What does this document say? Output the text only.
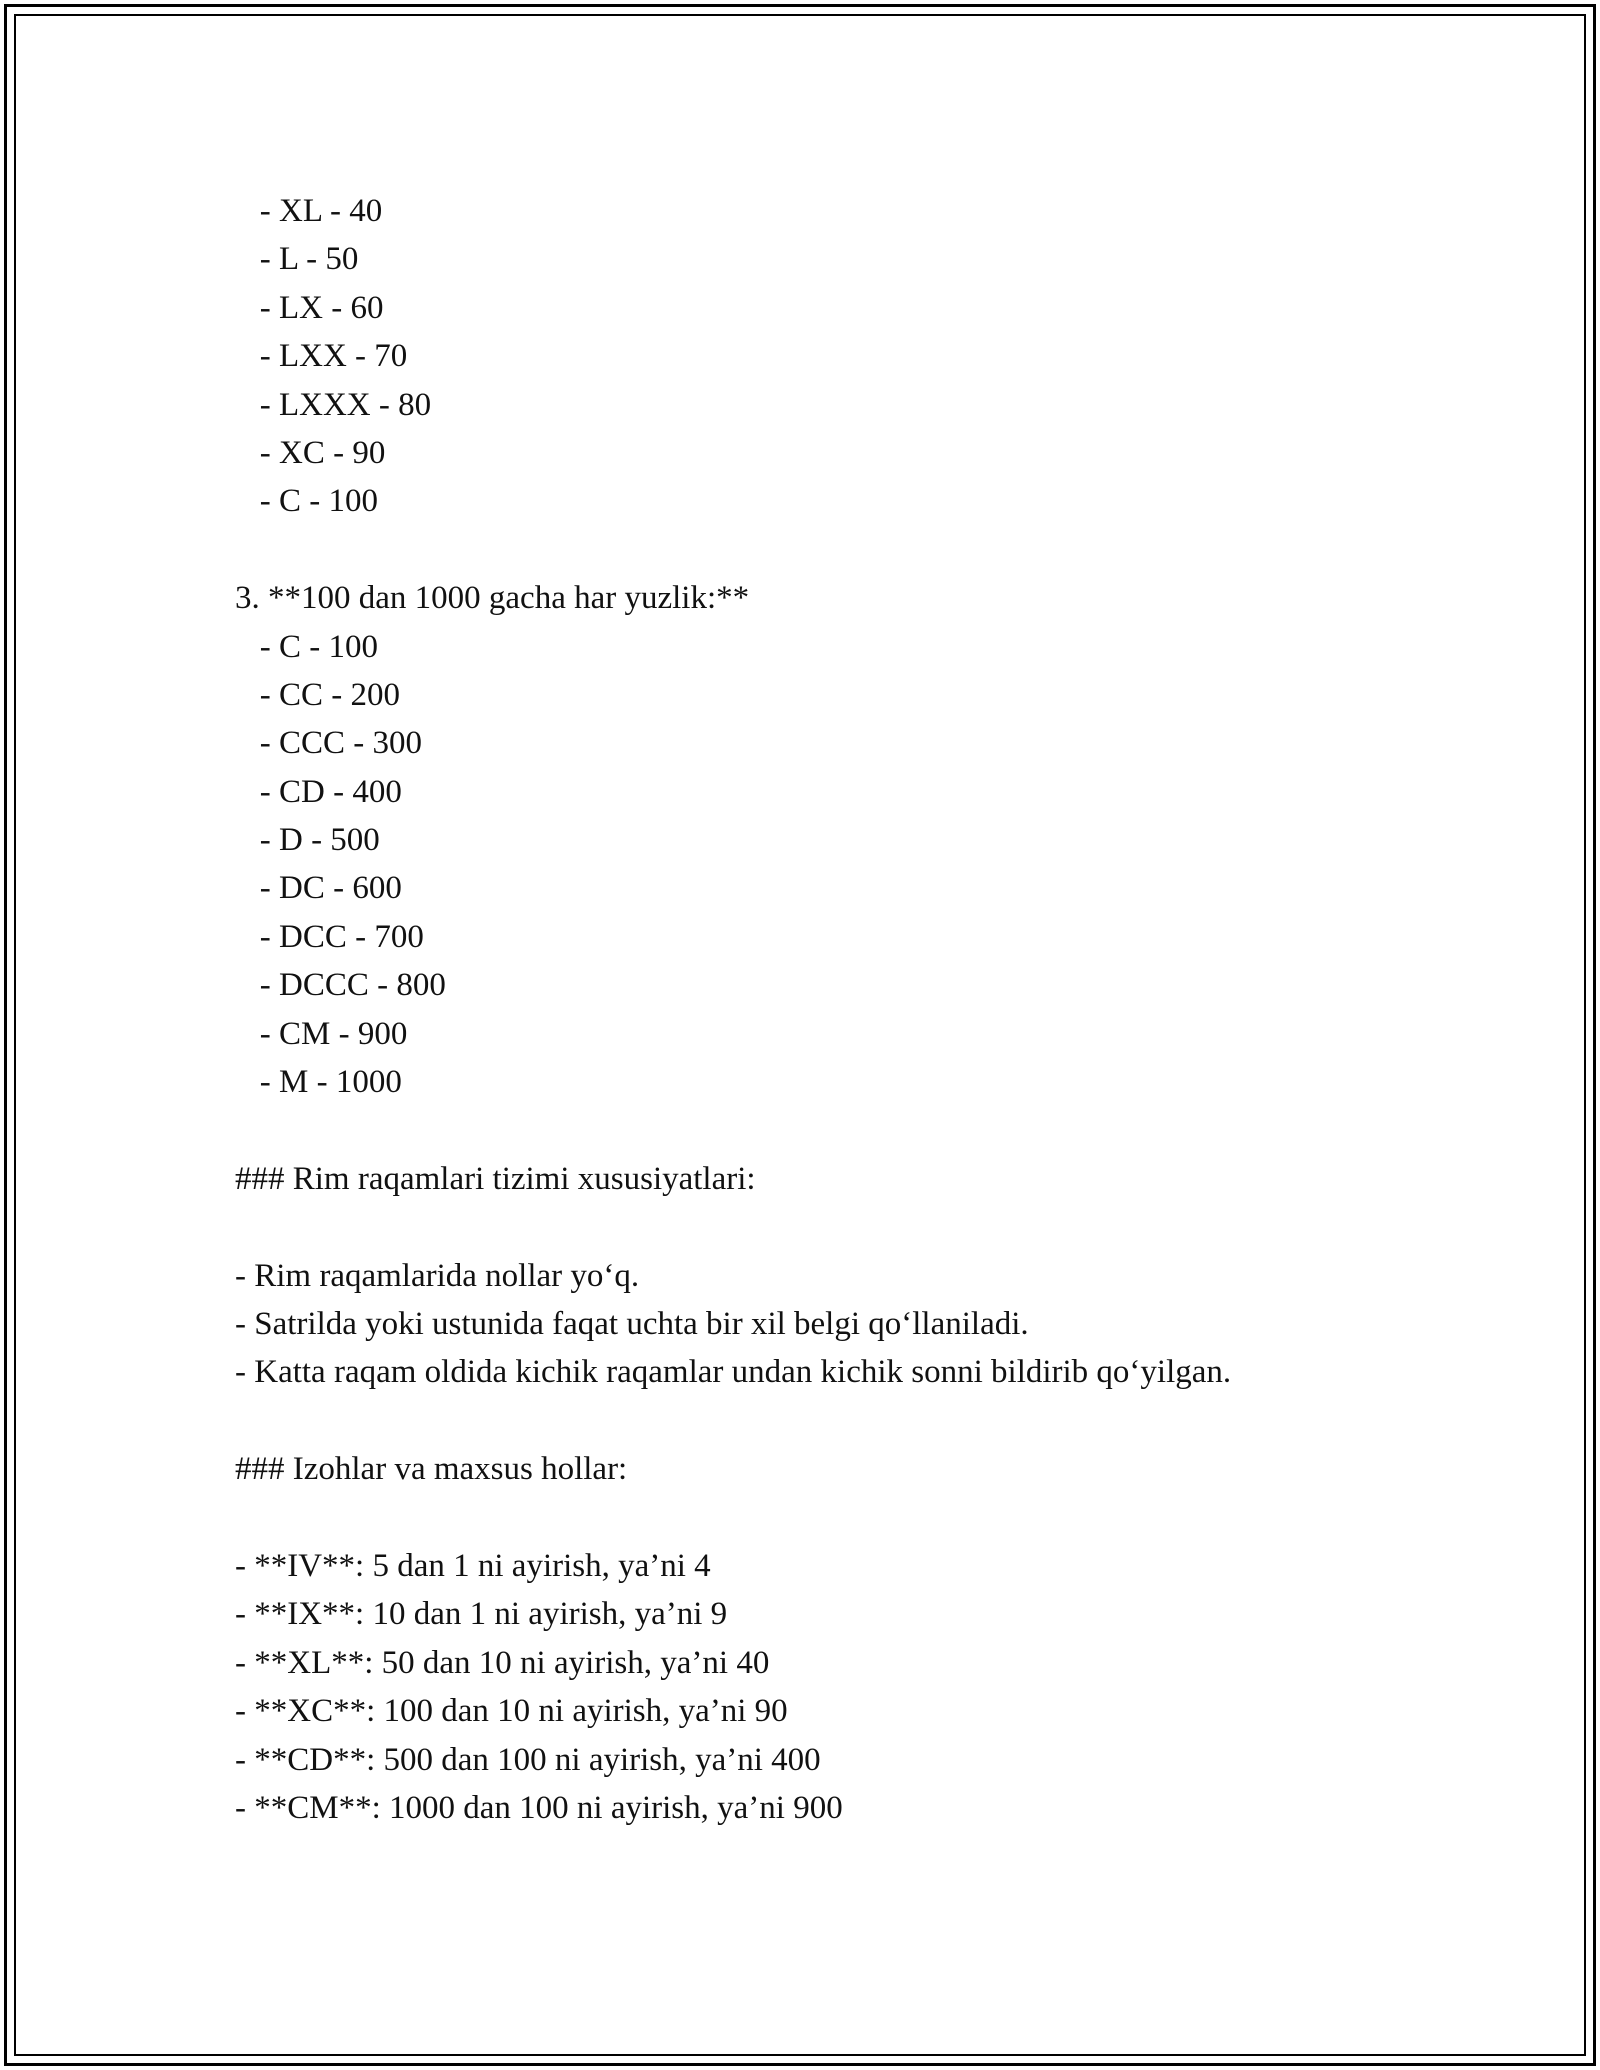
- XL - 40
- L - 50
- LX - 60
- LXX - 70
- LXXX - 80
- XC - 90
- C - 100
3. **100 dan 1000 gacha har yuzlik:**
- C - 100
- CC - 200
- CCC - 300
- CD - 400
- D - 500
- DC - 600
- DCC - 700
- DCCC - 800
- CM - 900
- M - 1000
### Rim raqamlari tizimi xususiyatlari:
- Rim raqamlarida nollar yo‘q.
- Satrilda yoki ustunida faqat uchta bir xil belgi qo‘llaniladi.
- Katta raqam oldida kichik raqamlar undan kichik sonni bildirib qo‘yilgan.
### Izohlar va maxsus hollar:
- **IV**: 5 dan 1 ni ayirish, ya’ni 4
- **IX**: 10 dan 1 ni ayirish, ya’ni 9
- **XL**: 50 dan 10 ni ayirish, ya’ni 40
- **XC**: 100 dan 10 ni ayirish, ya’ni 90
- **CD**: 500 dan 100 ni ayirish, ya’ni 400
- **CM**: 1000 dan 100 ni ayirish, ya’ni 900
